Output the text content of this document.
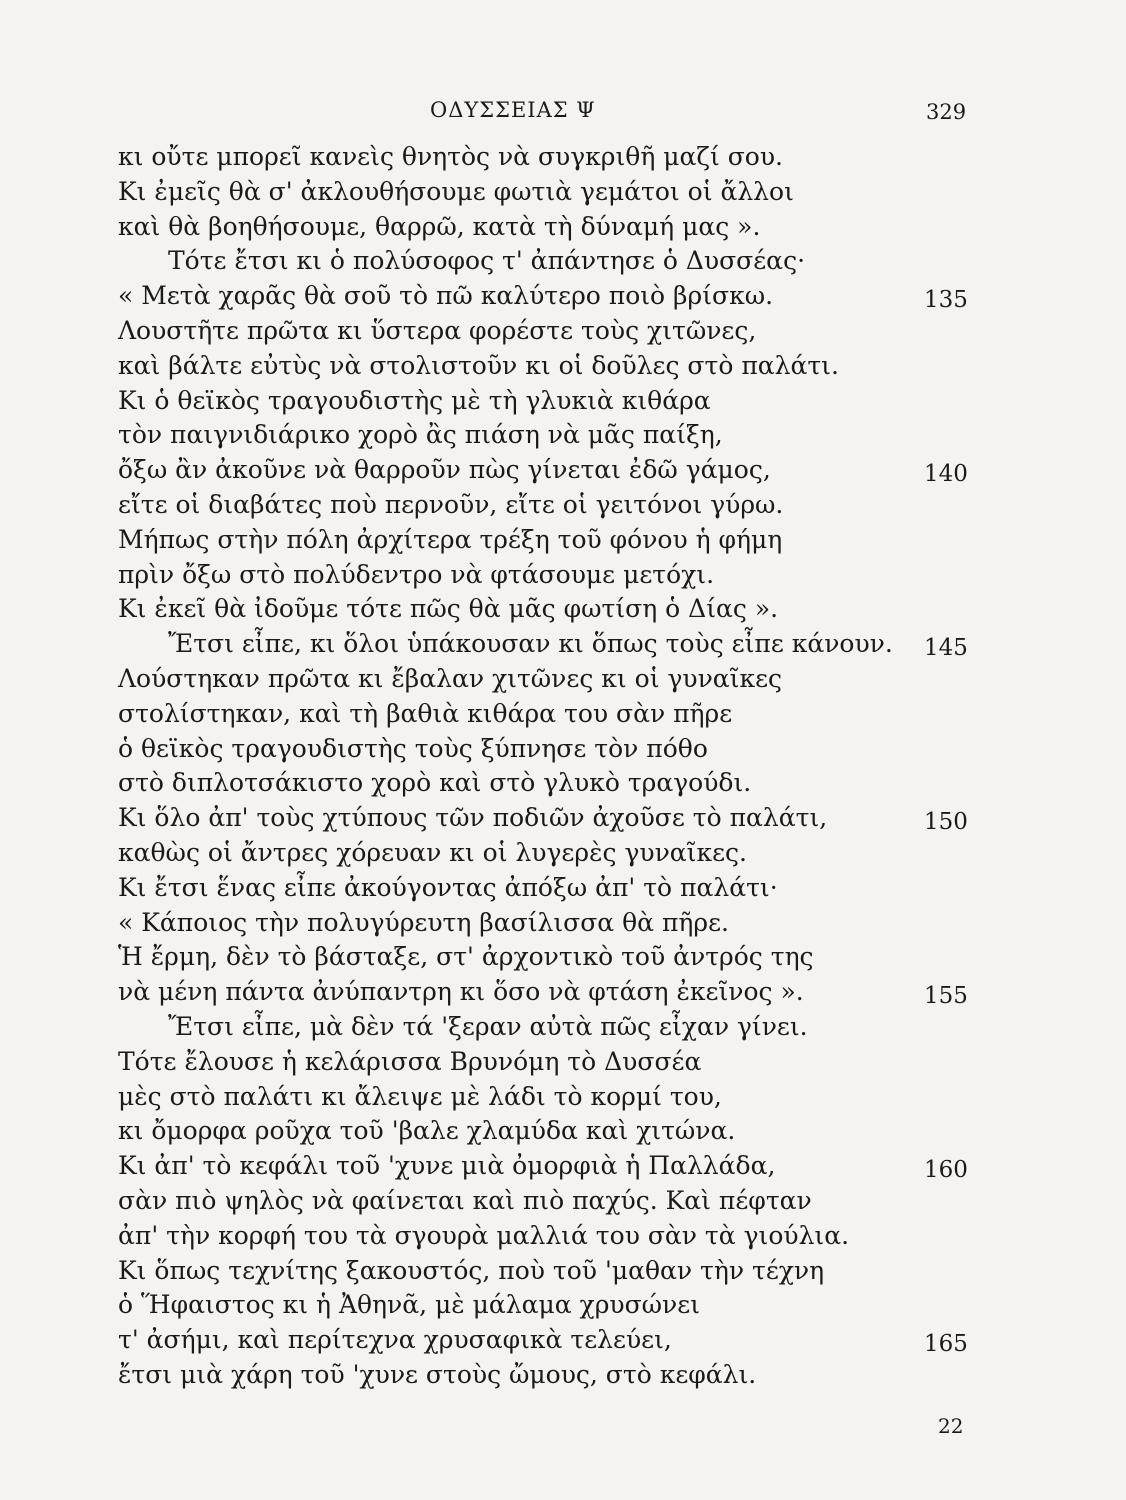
ΟΔΥΣΣΕΙΑΣ Ψ	329
κι οὔτε μπορεῖ κανεὶς θνητὸς νὰ συγκριθῆ μαζί σου.
Κι ἐμεῖς θὰ σ' ἀκλουθήσουμε φωτιὰ γεμάτοι οἱ ἄλλοι
καὶ θὰ βοηθήσουμε, θαρρῶ, κατὰ τὴ δύναμή μας ».
Τότε ἔτσι κι ὁ πολύσοφος τ' ἀπάντησε ὁ Δυσσέας·
« Μετὰ χαρᾶς θὰ σοῦ τὸ πῶ καλύτερο ποιὸ βρίσκω.	135
Λουστῆτε πρῶτα κι ὕστερα φορέστε τοὺς χιτῶνες,
καὶ βάλτε εὐτὺς νὰ στολιστοῦν κι οἱ δοῦλες στὸ παλάτι.
Κι ὁ θεϊκὸς τραγουδιστὴς μὲ τὴ γλυκιὰ κιθάρα
τὸν παιγνιδιάρικο χορὸ ἂς πιάση νὰ μᾶς παίξη,
ὄξω ἂν ἀκοῦνε νὰ θαρροῦν πὼς γίνεται ἐδῶ γάμος,	140
εἴτε οἱ διαβάτες ποὺ περνοῦν, εἴτε οἱ γειτόνοι γύρω.
Μήπως στὴν πόλη ἀρχίτερα τρέξη τοῦ φόνου ἡ φήμη
πρὶν ὄξω στὸ πολύδεντρο νὰ φτάσουμε μετόχι.
Κι ἐκεῖ θὰ ἰδοῦμε τότε πῶς θὰ μᾶς φωτίση ὁ Δίας ».
Ἔτσι εἶπε, κι ὅλοι ὑπάκουσαν κι ὅπως τοὺς εἶπε κάνουν. 145
Λούστηκαν πρῶτα κι ἔβαλαν χιτῶνες κι οἱ γυναῖκες
στολίστηκαν, καὶ τὴ βαθιὰ κιθάρα του σὰν πῆρε
ὁ θεϊκὸς τραγουδιστὴς τοὺς ξύπνησε τὸν πόθο
στὸ διπλοτσάκιστο χορὸ καὶ στὸ γλυκὸ τραγούδι.
Κι ὅλο ἀπ' τοὺς χτύπους τῶν ποδιῶν ἀχοῦσε τὸ παλάτι,	150
καθὼς οἱ ἄντρες χόρευαν κι οἱ λυγερὲς γυναῖκες.
Κι ἔτσι ἕνας εἶπε ἀκούγοντας ἀπόξω ἀπ' τὸ παλάτι·
« Κάποιος τὴν πολυγύρευτη βασίλισσα θὰ πῆρε.
Ἡ ἔρμη, δὲν τὸ βάσταξε, στ' ἀρχοντικὸ τοῦ ἀντρός της
νὰ μένη πάντα ἀνύπαντρη κι ὅσο νὰ φτάση ἐκεῖνος ».	155
Ἔτσι εἶπε, μὰ δὲν τά 'ξεραν αὐτὰ πῶς εἶχαν γίνει.
Τότε ἔλουσε ἡ κελάρισσα Βρυνόμη τὸ Δυσσέα
μὲς στὸ παλάτι κι ἄλειψε μὲ λάδι τὸ κορμί του,
κι ὄμορφα ροῦχα τοῦ 'βαλε χλαμύδα καὶ χιτώνα.
Κι ἀπ' τὸ κεφάλι τοῦ 'χυνε μιὰ ὀμορφιὰ ἡ Παλλάδα,	160
σὰν πιὸ ψηλὸς νὰ φαίνεται καὶ πιὸ παχύς. Καὶ πέφταν
ἀπ' τὴν κορφή του τὰ σγουρὰ μαλλιά του σὰν τὰ γιούλια.
Κι ὅπως τεχνίτης ξακουστός, ποὺ τοῦ 'μαθαν τὴν τέχνη
ὁ Ἥφαιστος κι ἡ Ἀθηνᾶ, μὲ μάλαμα χρυσώνει
τ' ἀσήμι, καὶ περίτεχνα χρυσαφικὰ τελεύει,	165
ἔτσι μιὰ χάρη τοῦ 'χυνε στοὺς ὤμους, στὸ κεφάλι.
22
